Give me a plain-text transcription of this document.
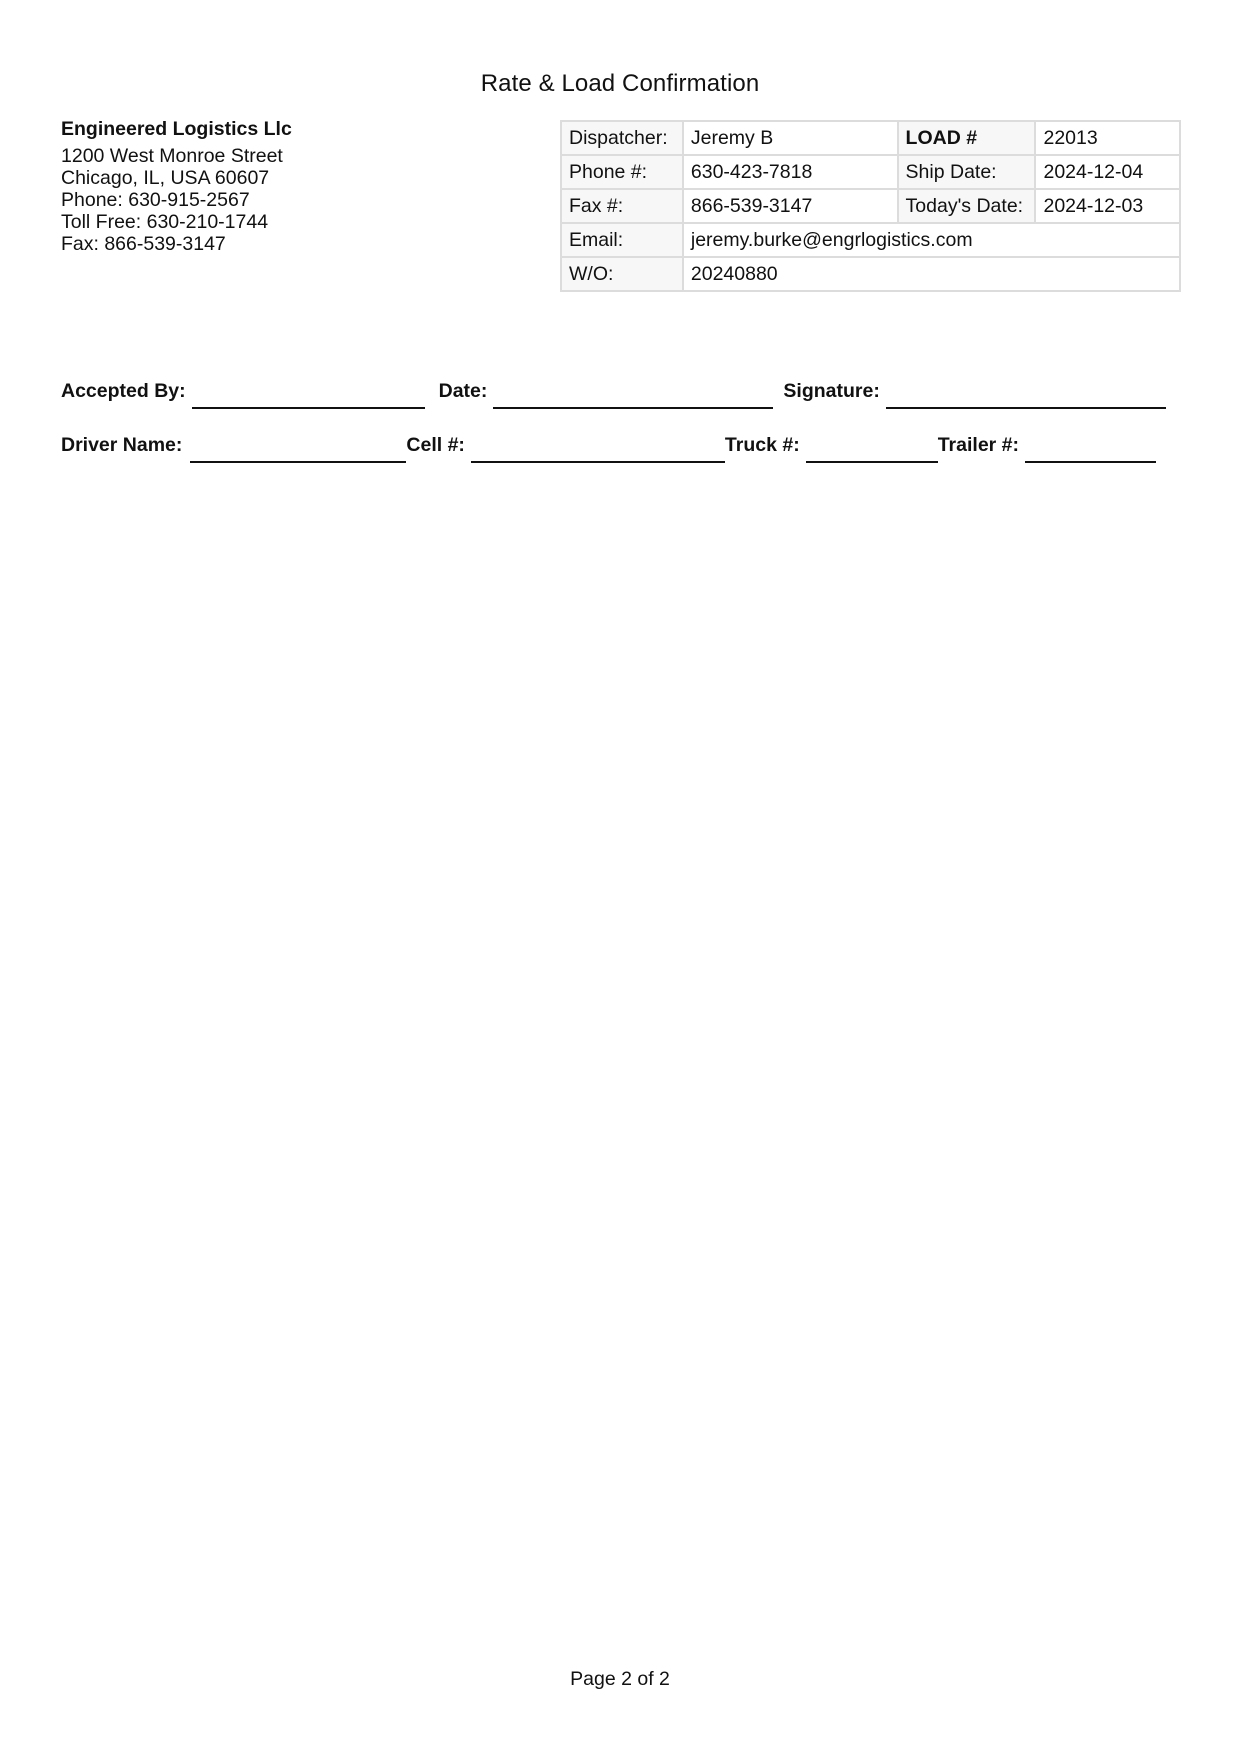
Rate & Load Confirmation
Engineered Logistics Llc
1200 West Monroe Street
Chicago, IL, USA 60607
Phone: 630-915-2567
Toll Free: 630-210-1744
Fax: 866-539-3147
Dispatcher:	Jeremy B	LOAD #	22013
Phone #:	630-423-7818	Ship Date:	2024-12-04
Fax #:	866-539-3147	Today's Date:	2024-12-03
Email:	jeremy.burke@engrlogistics.com		
W/O:	20240880		
Accepted By:	Date:	Signature:
Driver Name:	Cell #:	Truck #:	Trailer #:
Page 2 of 2
